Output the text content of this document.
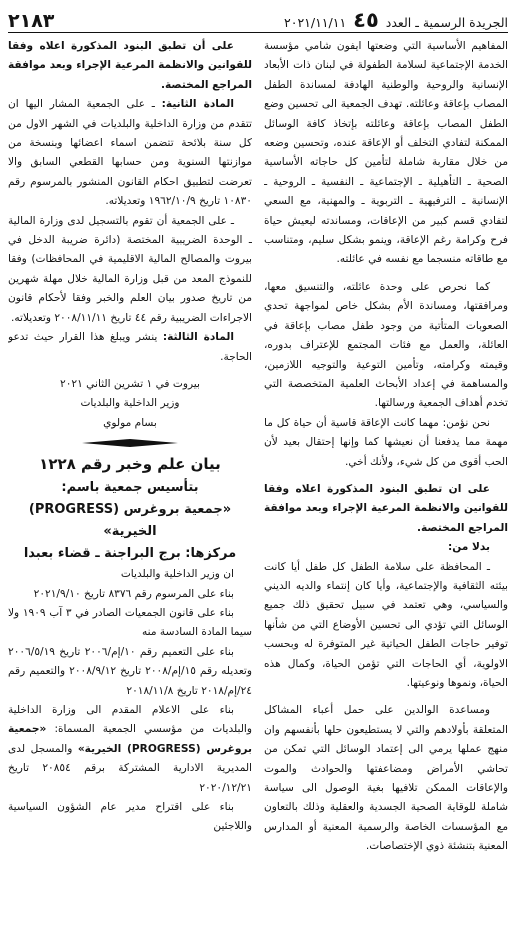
الجريدة الرسمية ـ العدد ٤٥ ٢٠٢١/١١/١١
٢١٨٣

المفاهيم الأساسية التي وضعتها ايفون شامي مؤسسة الخدمة الإجتماعية لسلامة الطفولة في لبنان ذات الأبعاد الإنسانية والروحية والوطنية الهادفة لمساندة الطفل المصاب بإعاقة وعائلته. تهدف الجمعية الى تحسين وضع الطفل المصاب بإعاقة وعائلته بإتخاذ كافة الوسائل الممكنة لتفادي التخلف أو الإعاقة عنده، وتحسين وضعه من خلال مقاربة شاملة لتأمين كل حاجاته الأساسية الصحية ـ التأهيلية ـ الإجتماعية ـ النفسية ـ الروحية ـ الإنسانية ـ الترفيهية ـ التربوية ـ والمهنية، مع السعي لتفادي قسم كبير من الإعاقات، ومساندته ليعيش حياة فرح وكرامة رغم الإعاقة، وينمو بشكل سليم، ومتناسب مع طاقاته منسجما مع نفسه في عائلته.

كما نحرص على وحدة عائلته، والتنسيق معها، ومرافقتها، ومساندة الأم بشكل خاص لمواجهة تحدي الصعوبات المتأتية من وجود طفل مصاب بإعاقة في العائلة، والعمل مع فئات المجتمع للإعتراف بدوره، وقيمته وكرامته، وتأمين التوعية والتوجيه اللازمين، والمساهمة في إعداد الأبحاث العلمية المتخصصة التي تخدم أهداف الجمعية ورسالتها.

نحن نؤمن: مهما كانت الإعاقة قاسية أن حياة كل ما مهمة مما يدفعنا أن نعيشها كما وإنها إحتقال بعيد لأن الحب أقوى من كل شيء، ولأنك أخي.

على ان تطبق البنود المذكورة اعلاه وفقا للقوانين والانظمة المرعية الإجراء وبعد موافقة المراجع المختصة.

بدلا من:

ـ المحافظة على سلامة الطفل كل طفل أيا كانت بيئته الثقافية والإجتماعية، وأيا كان إنتماء والديه الديني والسياسي، وهي تعتمد في سبيل تحقيق ذلك جميع الوسائل التي تؤدي الى تحسين الأوضاع التي من شأنها توفير حاجات الطفل الحياتية غير المتوفرة له وبحسب الاولوية، أي الحاجات التي تؤمن الحياة، وكمال هذه الحياة، ونموها ونوعيتها.

ومساعدة الوالدين على حمل أعباء المشاكل المتعلقة بأولادهم والتي لا يستطيعون حلها بأنفسهم وان منهج عملها يرمي الى إعتماد الوسائل التي تمكن من تحاشي الأمراض ومضاعفتها والحوادث والموت والإعاقات الممكن تلافيها بغية الوصول الى سياسة شاملة للوقاية الصحية الجسدية والعقلية وذلك بالتعاون مع المؤسسات الخاصة والرسمية المعنية أو المدارس المعنية بتنشئة ذوي الإختصاصات.

على أن تطبق البنود المذكورة اعلاه وفقا للقوانين والانظمة المرعية الإجراء وبعد موافقة المراجع المختصة.

المادة الثانية: ـ على الجمعية المشار اليها ان تتقدم من وزارة الداخلية والبلديات في الشهر الاول من كل سنة بلائحة تتضمن اسماء اعضائها وبنسخة من موازنتها السنوية ومن حسابها القطعي السابق والا تعرضت لتطبيق احكام القانون المنشور بالمرسوم رقم ١٠٨٣٠ تاريخ ١٩٦٢/١٠/٩ وتعديلاته.

ـ على الجمعية أن تقوم بالتسجيل لدى وزارة المالية ـ الوحدة الضريبية المختصة (دائرة ضريبة الدخل في بيروت والمصالح المالية الاقليمية في المحافظات) وفقا للنموذج المعد من قبل وزارة المالية خلال مهلة شهرين من تاريخ صدور بيان العلم والخبر وفقا لأحكام قانون الاجراءات الضريبية رقم ٤٤ تاريخ ٢٠٠٨/١١/١١ وتعديلاته.

المادة الثالثة: ينشر ويبلغ هذا القرار حيث تدعو الحاجة.

بيروت في ١ تشرين الثاني ٢٠٢١

وزير الداخلية والبلديات

بسام مولوي

بيان علم وخبر رقم ١٢٢٨
بتأسيس جمعية باسم:
«جمعية بروغرس (PROGRESS) الخيرية»
مركزها: برج البراجنة ـ قضاء بعبدا

ان وزير الداخلية والبلديات

بناء على المرسوم رقم ٨٣٧٦ تاريخ ٢٠٢١/٩/١٠

بناء على قانون الجمعيات الصادر في ٣ آب ١٩٠٩ ولا سيما المادة السادسة منه

بناء على التعميم رقم ١٠/إم/٢٠٠٦ تاريخ ٢٠٠٦/٥/١٩ وتعديله رقم ١٥/إم/٢٠٠٨ تاريخ ٢٠٠٨/٩/١٢ والتعميم رقم ٢٤/إم/٢٠١٨ تاريخ ٢٠١٨/١١/٨

بناء على الاعلام المقدم الى وزارة الداخلية والبلديات من مؤسسي الجمعية المسماة: «جمعية بروغرس (PROGRESS) الخيرية» والمسجل لدى المديرية الادارية المشتركة برقم ٢٠٨٥٤ تاريخ ٢٠٢٠/١٢/٢١

بناء على اقتراح مدير عام الشؤون السياسية واللاجئين
